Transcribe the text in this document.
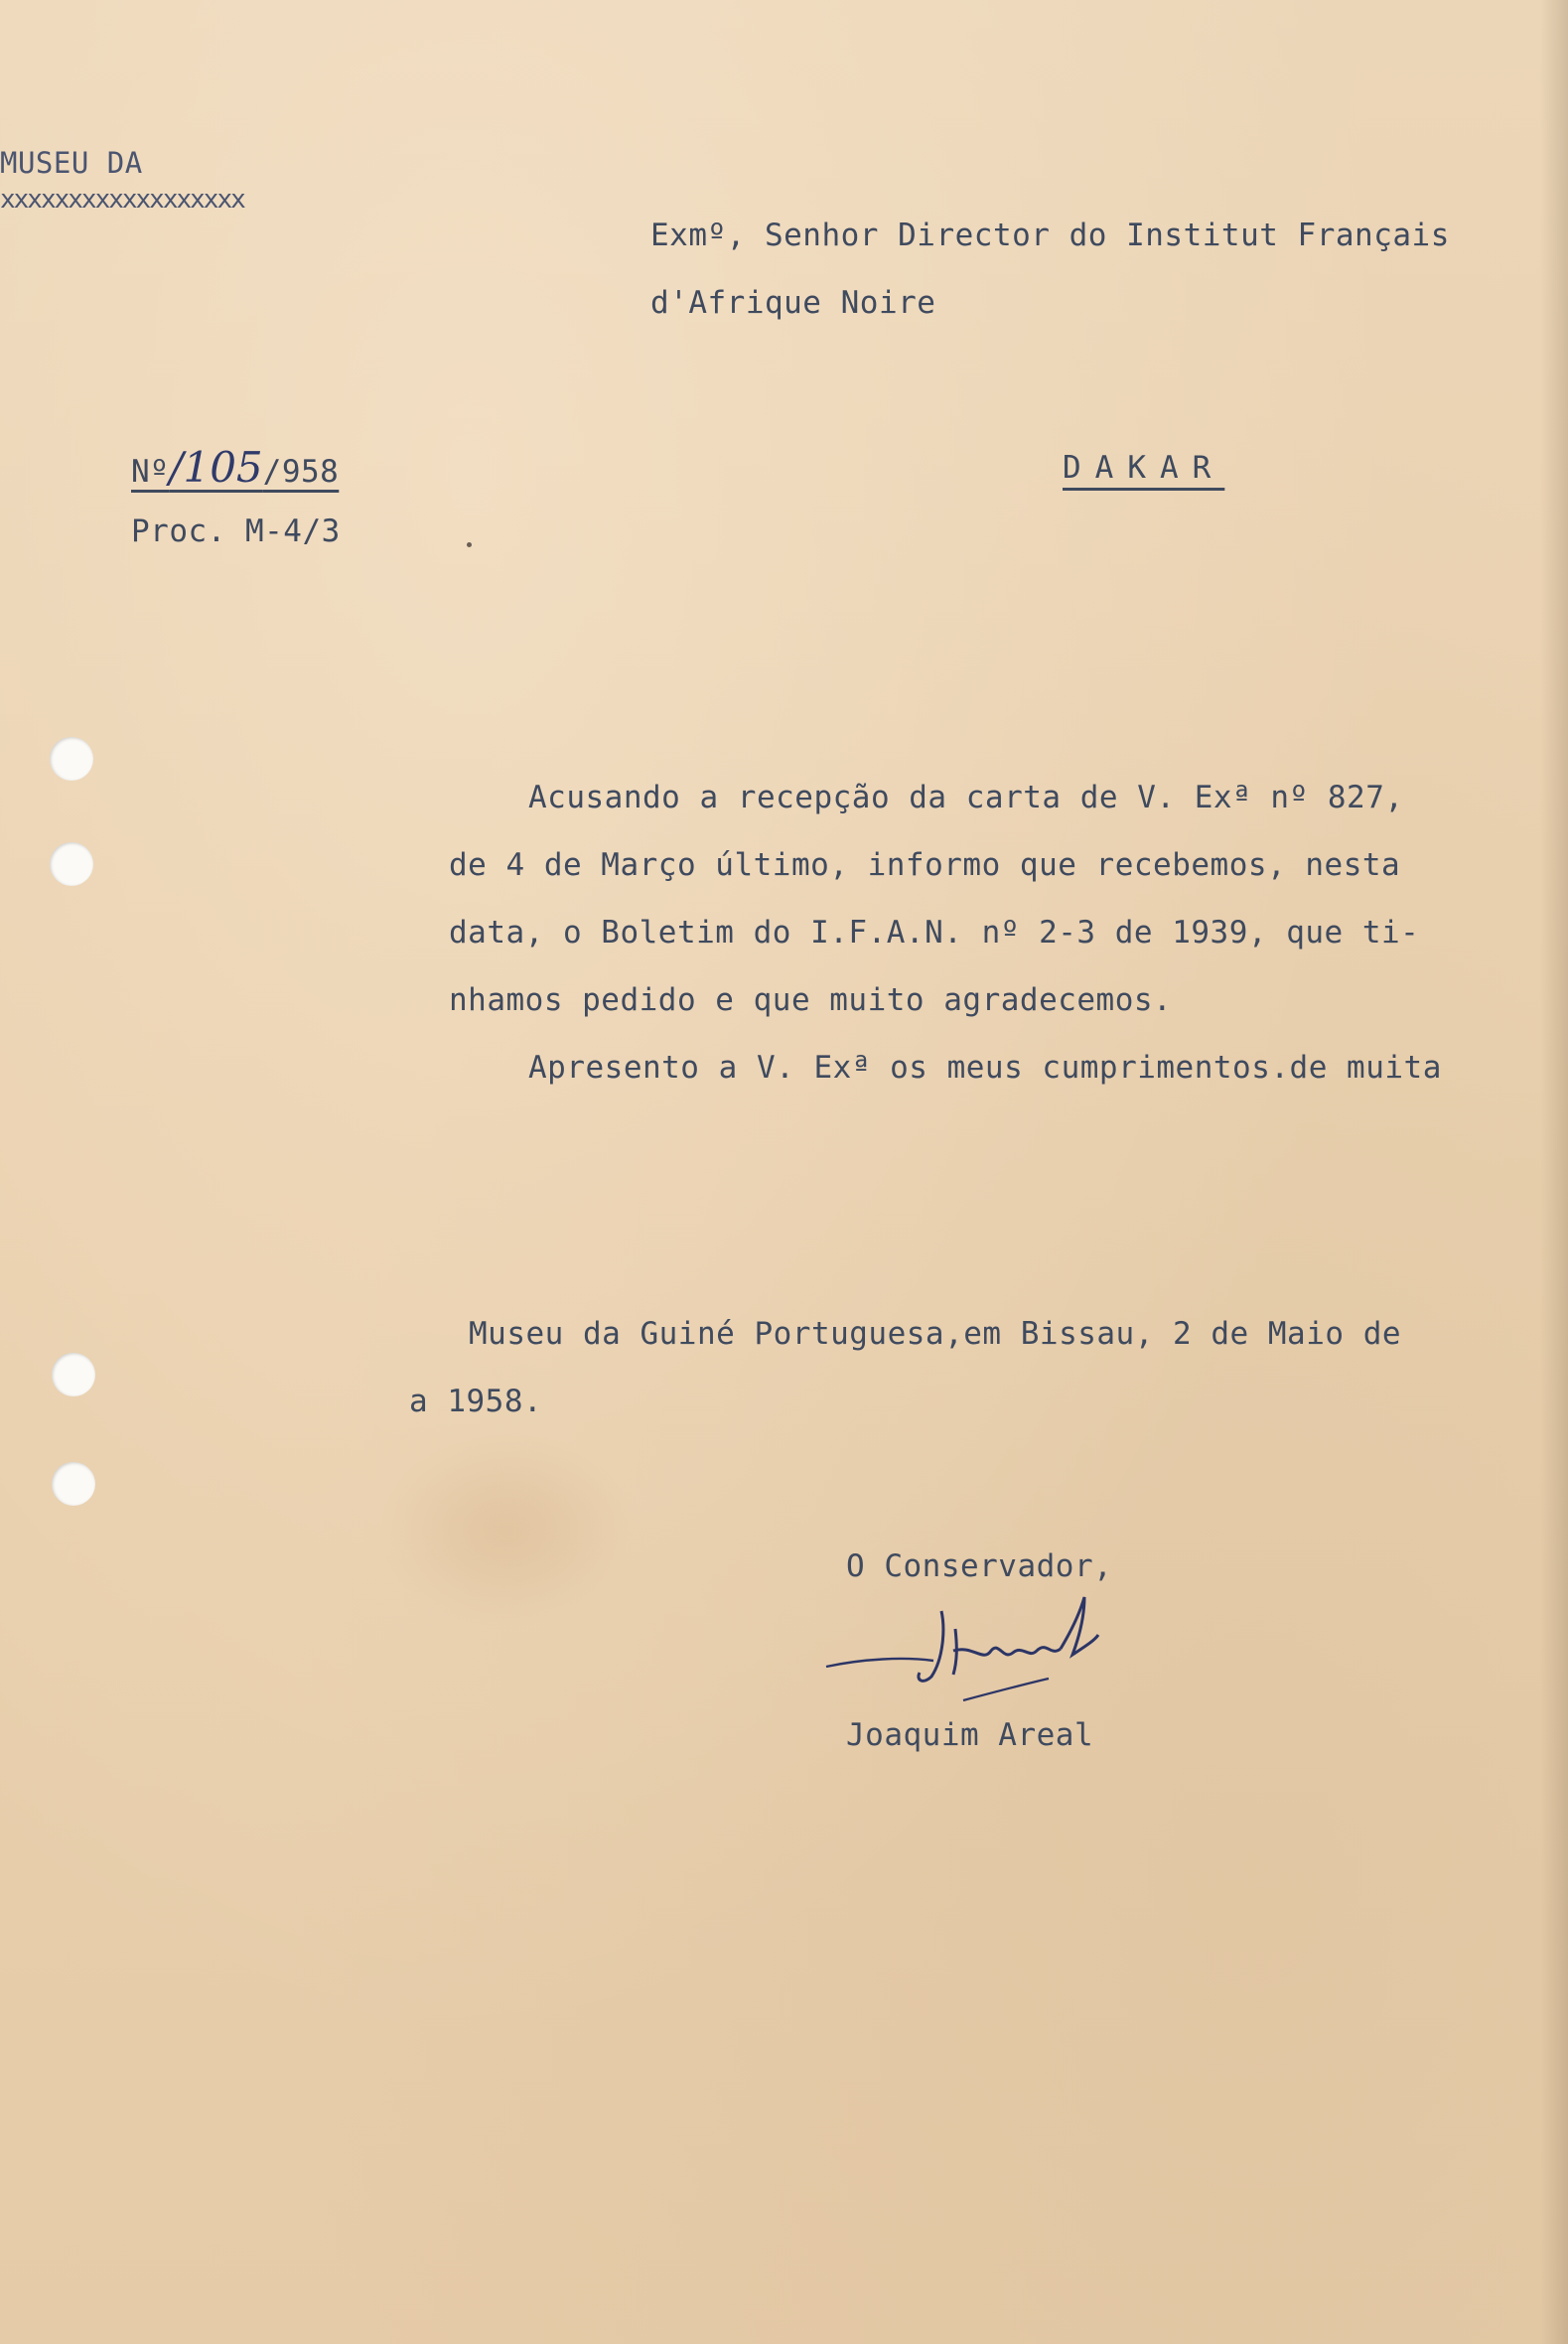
MUSEU DA
xxxxxxxxxxxxxxxxxx
Exmº, Senhor Director do Institut Français
d'Afrique Noire
Nº/105/958	DAKAR
Proc. M-4/3
Acusando a recepção da carta de V. Exª nº 827,
de 4 de Março último, informo que recebemos, nesta
data, o Boletim do I.F.A.N. nº 2-3 de 1939, que ti-
nhamos pedido e que muito agradecemos.
Apresento a V. Exª os meus cumprimentos.de muita
Museu da Guiné Portuguesa,em Bissau, 2 de Maio de
a 1958.
O Conservador,
Joaquim Areal
